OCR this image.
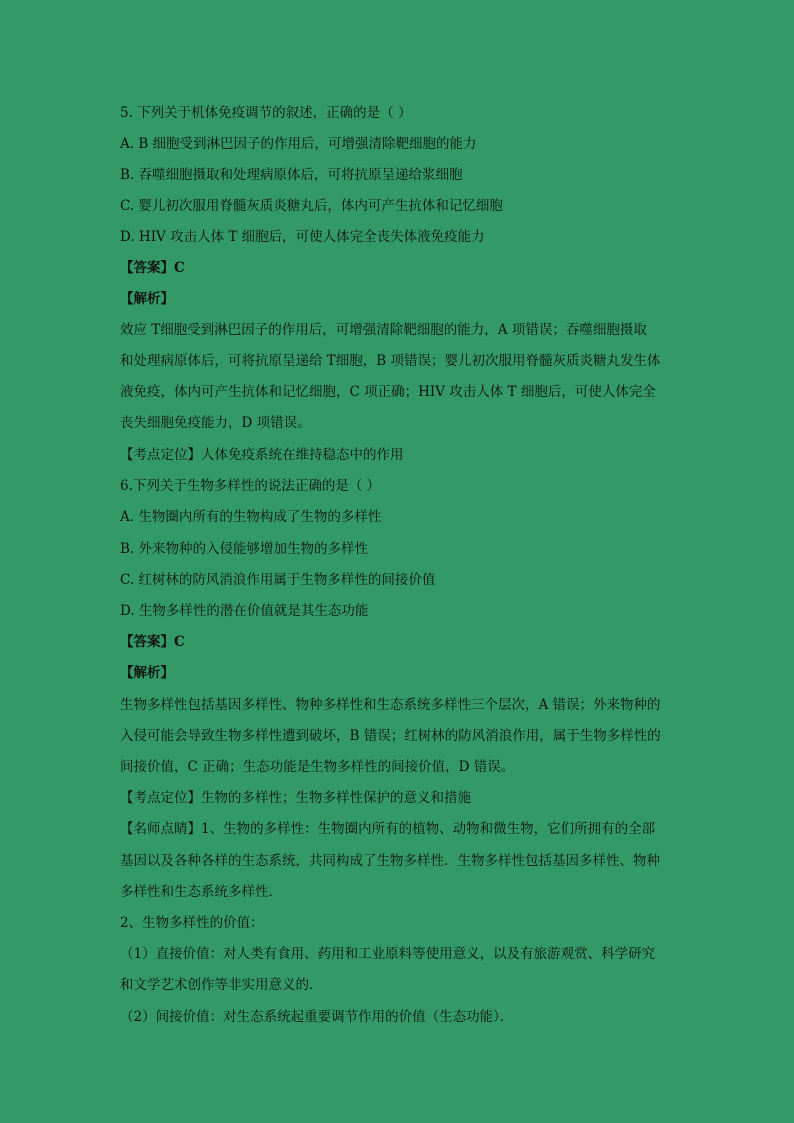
5. 下列关于机体免疫调节的叙述，正确的是（ ）
A. B 细胞受到淋巴因子的作用后，可增强清除靶细胞的能力
B. 吞噬细胞摄取和处理病原体后，可将抗原呈递给浆细胞
C. 婴儿初次服用脊髓灰质炎糖丸后，体内可产生抗体和记忆细胞
D. HIV 攻击人体 T 细胞后，可使人体完全丧失体液免疫能力
【答案】C
【解析】
效应 T细胞受到淋巴因子的作用后，可增强清除靶细胞的能力，A 项错误；吞噬细胞摄取
和处理病原体后，可将抗原呈递给 T细胞，B 项错误；婴儿初次服用脊髓灰质炎糖丸发生体
液免疫，体内可产生抗体和记忆细胞，C 项正确；HIV 攻击人体 T 细胞后，可使人体完全
丧失细胞免疫能力，D 项错误。
【考点定位】人体免疫系统在维持稳态中的作用
6.下列关于生物多样性的说法正确的是（ ）
A. 生物圈内所有的生物构成了生物的多样性
B. 外来物种的入侵能够增加生物的多样性
C. 红树林的防风消浪作用属于生物多样性的间接价值
D. 生物多样性的潜在价值就是其生态功能
【答案】C
【解析】
生物多样性包括基因多样性、物种多样性和生态系统多样性三个层次，A 错误；外来物种的
入侵可能会导致生物多样性遭到破坏，B 错误；红树林的防风消浪作用，属于生物多样性的
间接价值，C 正确；生态功能是生物多样性的间接价值，D 错误。
【考点定位】生物的多样性；生物多样性保护的意义和措施
【名师点睛】1、生物的多样性：生物圈内所有的植物、动物和微生物，它们所拥有的全部
基因以及各种各样的生态系统，共同构成了生物多样性．生物多样性包括基因多样性、物种
多样性和生态系统多样性．
2、生物多样性的价值：
（1）直接价值：对人类有食用、药用和工业原料等使用意义，以及有旅游观赏、科学研究
和文学艺术创作等非实用意义的．
（2）间接价值：对生态系统起重要调节作用的价值（生态功能）．
